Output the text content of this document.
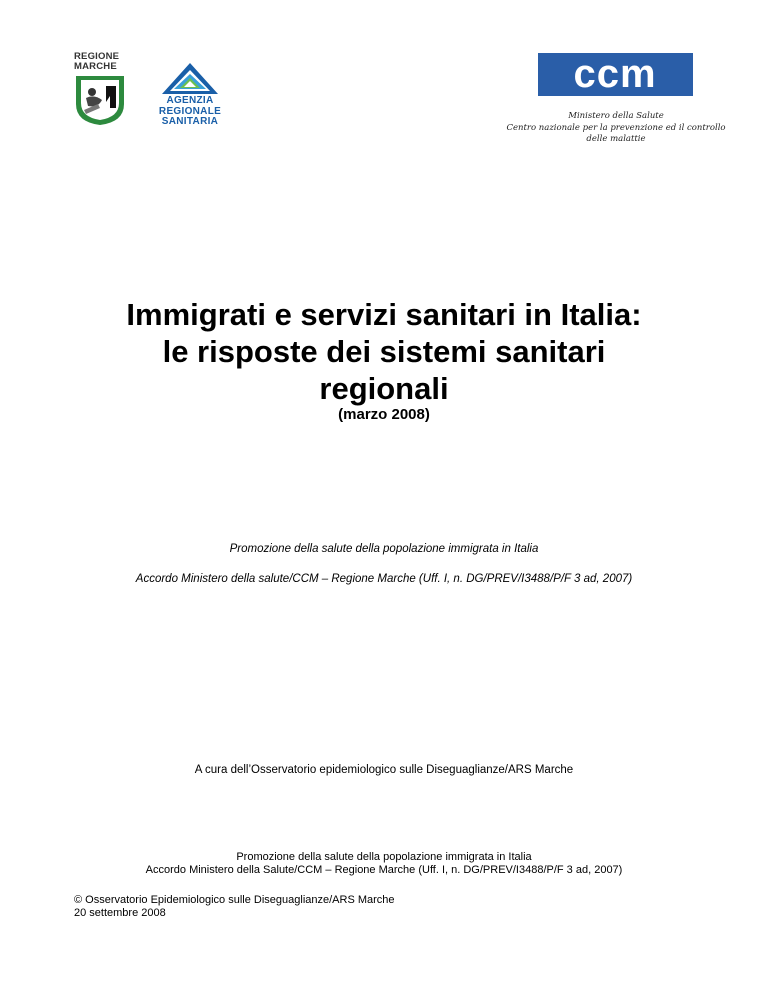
REGIONE
MARCHE
AGENZIA
REGIONALE
SANITARIA
ccm
Ministero della Salute
Centro nazionale per la prevenzione ed il controllo
delle malattie
Immigrati e servizi sanitari in Italia:
le risposte dei sistemi sanitari
regionali
(marzo 2008)
Promozione della salute della popolazione immigrata in Italia
Accordo Ministero della salute/CCM – Regione Marche (Uff. I, n. DG/PREV/I3488/P/F 3 ad, 2007)
A cura dell’Osservatorio epidemiologico sulle Diseguaglianze/ARS Marche
Promozione della salute della popolazione immigrata in Italia
Accordo Ministero della Salute/CCM – Regione Marche (Uff. I, n. DG/PREV/I3488/P/F 3 ad, 2007)
© Osservatorio Epidemiologico sulle Diseguaglianze/ARS Marche
20 settembre 2008
